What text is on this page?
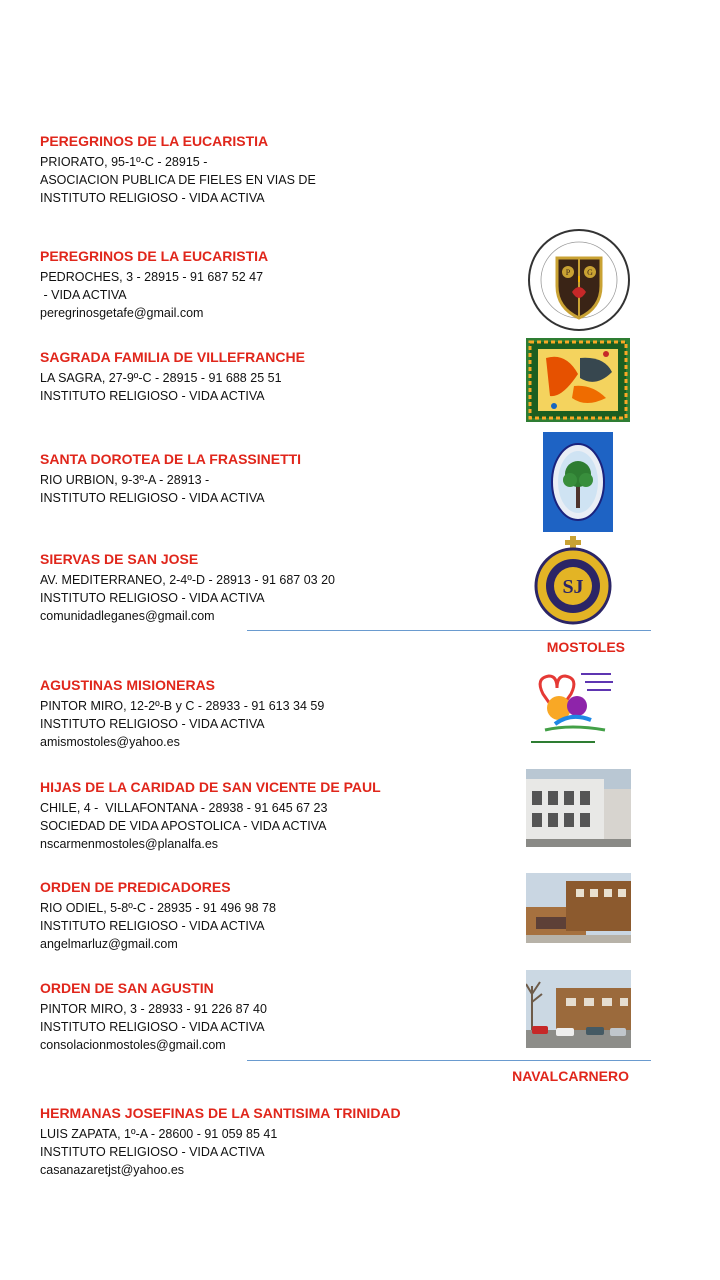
PEREGRINOS DE LA EUCARISTIA
PRIORATO, 95-1º-C - 28915 -
ASOCIACION PUBLICA DE FIELES EN VIAS DE
INSTITUTO RELIGIOSO - VIDA ACTIVA
PEREGRINOS DE LA EUCARISTIA
PEDROCHES, 3 - 28915 - 91 687 52 47
- VIDA ACTIVA
peregrinosgetafe@gmail.com
P G
SAGRADA FAMILIA DE VILLEFRANCHE
LA SAGRA, 27-9º-C - 28915 - 91 688 25 51
INSTITUTO RELIGIOSO - VIDA ACTIVA
SANTA DOROTEA DE LA FRASSINETTI
RIO URBION, 9-3º-A - 28913 -
INSTITUTO RELIGIOSO - VIDA ACTIVA
SIERVAS DE SAN JOSE
AV. MEDITERRANEO, 2-4º-D - 28913 - 91 687 03 20
INSTITUTO RELIGIOSO - VIDA ACTIVA
comunidadleganes@gmail.com
SJ
MOSTOLES
AGUSTINAS MISIONERAS
PINTOR MIRO, 12-2º-B y C - 28933 - 91 613 34 59
INSTITUTO RELIGIOSO - VIDA ACTIVA
amismostoles@yahoo.es
HIJAS DE LA CARIDAD DE SAN VICENTE DE PAUL
CHILE, 4 -  VILLAFONTANA - 28938 - 91 645 67 23
SOCIEDAD DE VIDA APOSTOLICA - VIDA ACTIVA
nscarmenmostoles@planalfa.es
ORDEN DE PREDICADORES
RIO ODIEL, 5-8º-C - 28935 - 91 496 98 78
INSTITUTO RELIGIOSO - VIDA ACTIVA
angelmarluz@gmail.com
ORDEN DE SAN AGUSTIN
PINTOR MIRO, 3 - 28933 - 91 226 87 40
INSTITUTO RELIGIOSO - VIDA ACTIVA
consolacionmostoles@gmail.com
NAVALCARNERO
HERMANAS JOSEFINAS DE LA SANTISIMA TRINIDAD
LUIS ZAPATA, 1º-A - 28600 - 91 059 85 41
INSTITUTO RELIGIOSO - VIDA ACTIVA
casanazaretjst@yahoo.es
